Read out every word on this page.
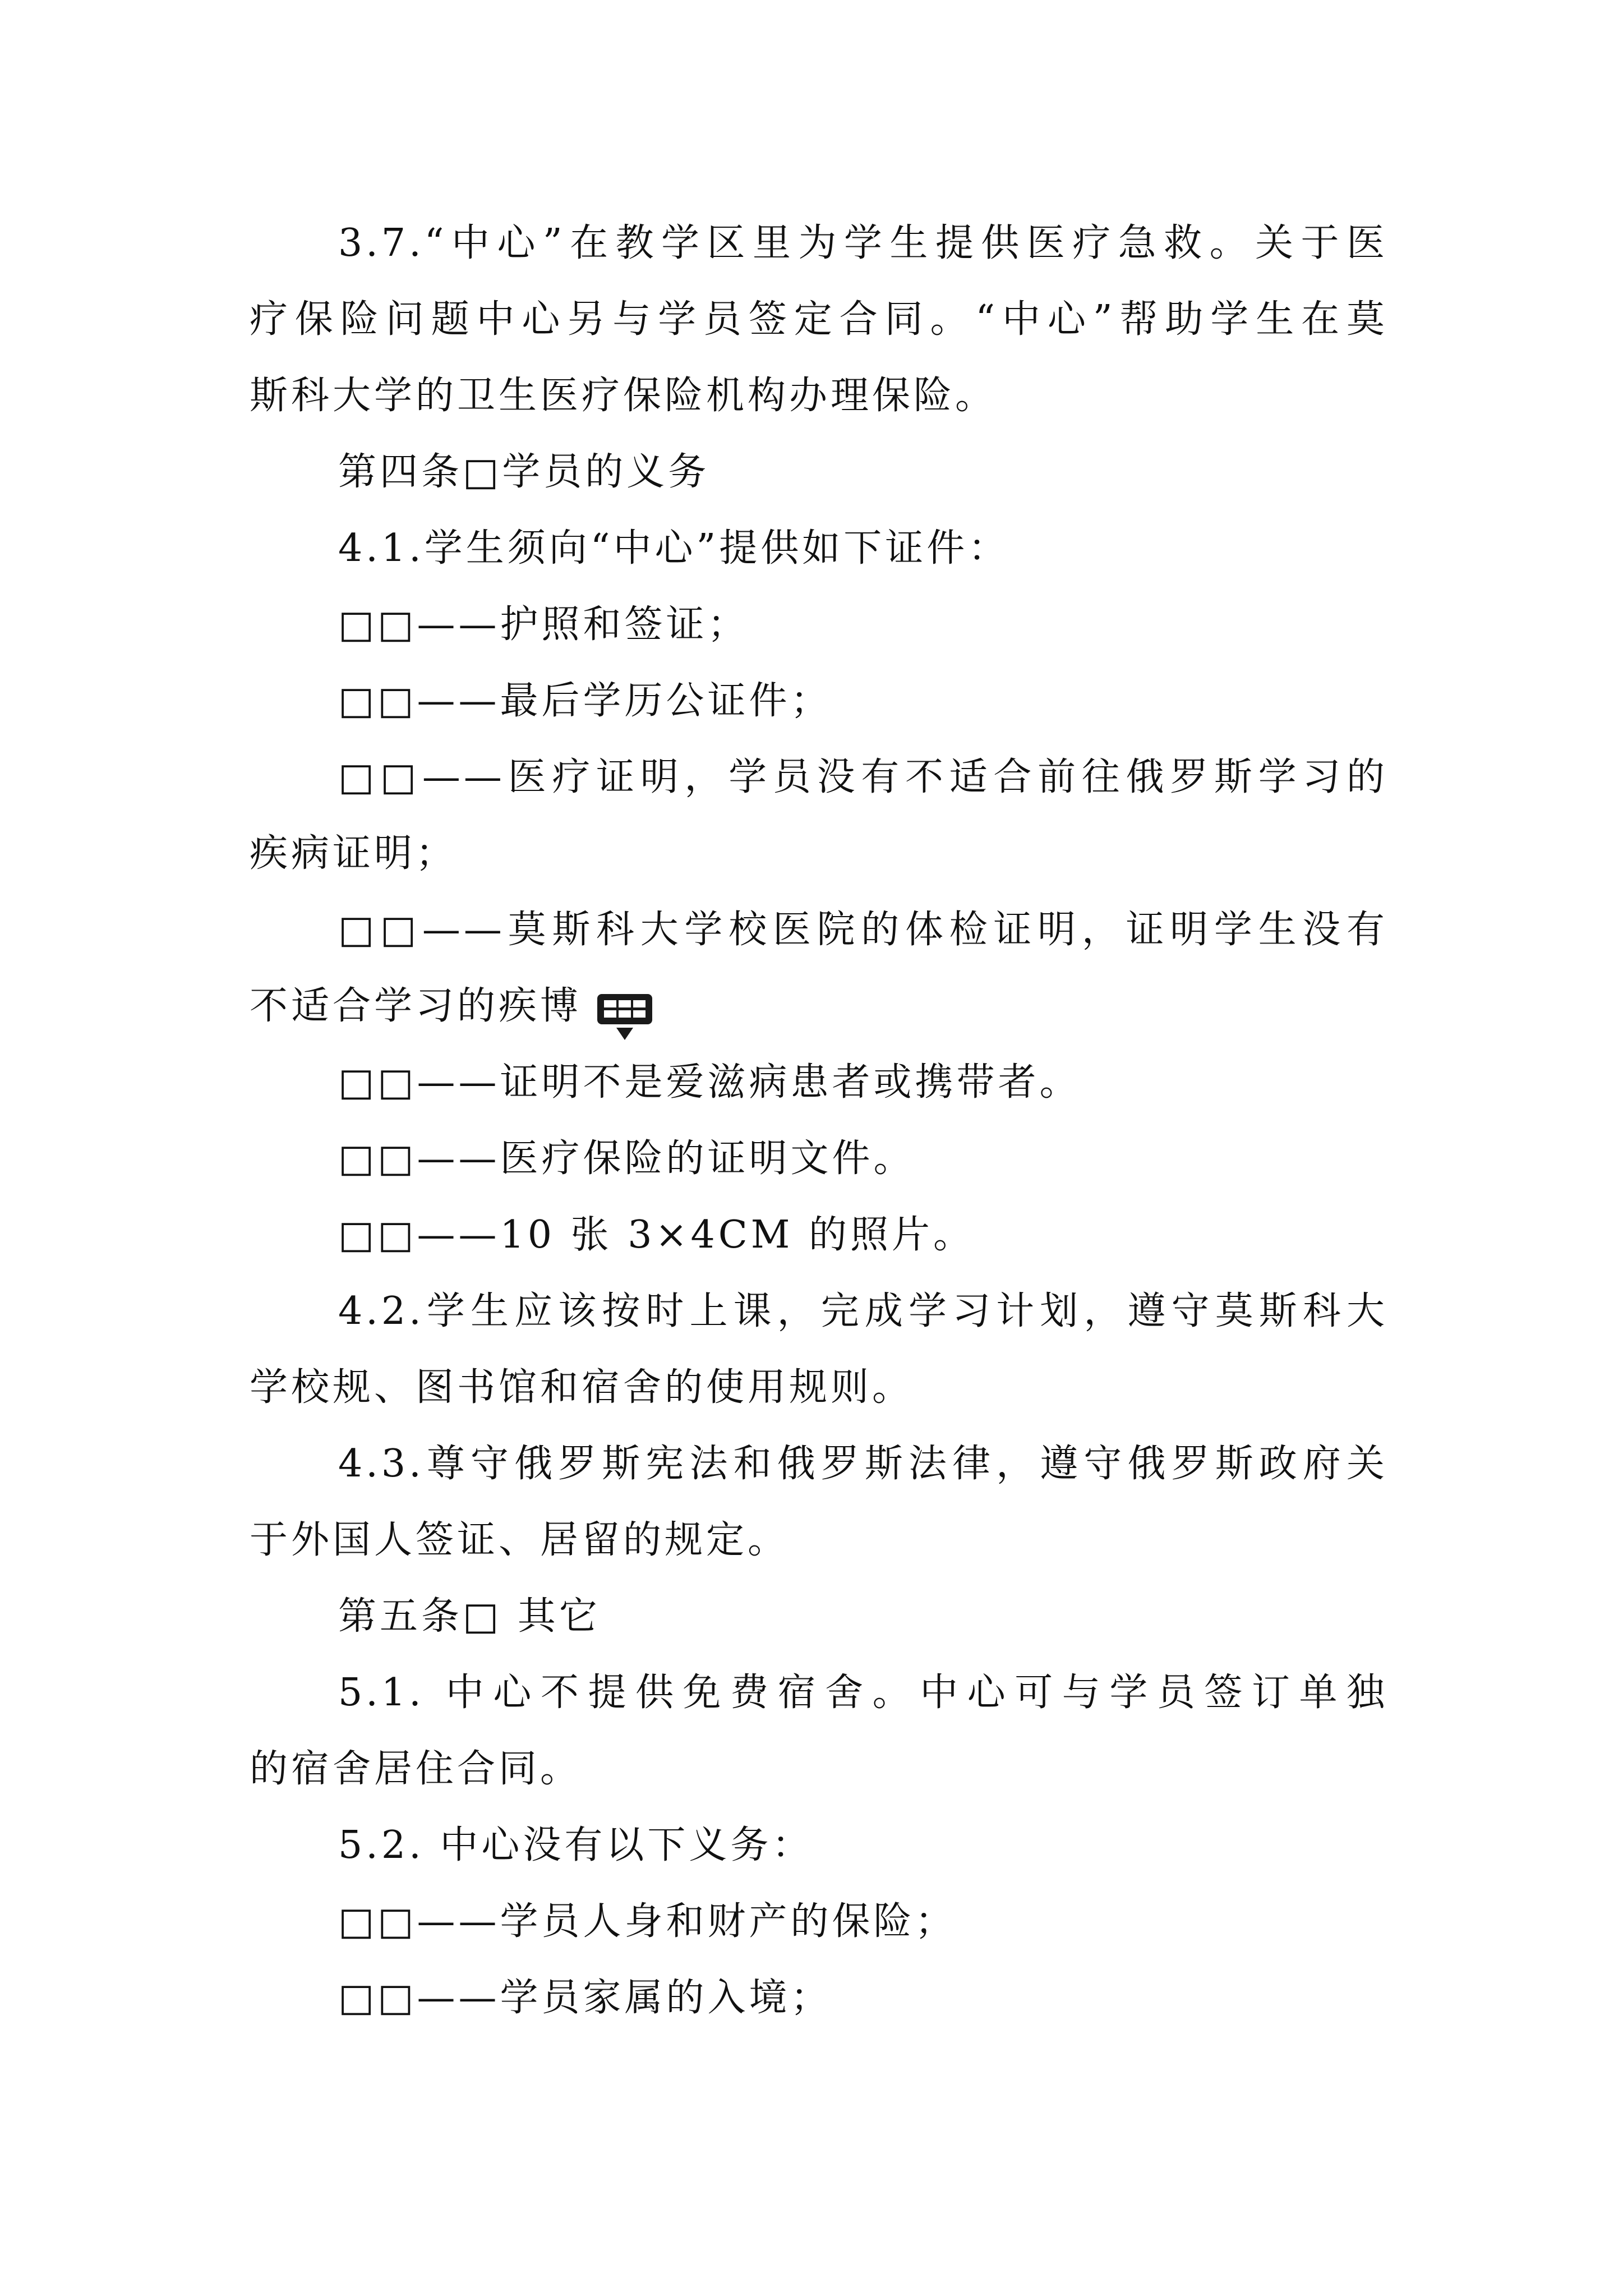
3.7.“中心”在教学区里为学生提供医疗急救。关于医
疗保险问题中心另与学员签定合同。“中心”帮助学生在莫
斯科大学的卫生医疗保险机构办理保险。
第四条□学员的义务
4.1.学生须向“中心”提供如下证件：
□□——护照和签证；
□□——最后学历公证件；
□□——医疗证明，学员没有不适合前往俄罗斯学习的
疾病证明；
□□——莫斯科大学校医院的体检证明，证明学生没有
不适合学习的疾博
□□——证明不是爱滋病患者或携带者。
□□——医疗保险的证明文件。
□□——10 张 3×4CM 的照片。
4.2.学生应该按时上课，完成学习计划，遵守莫斯科大
学校规、图书馆和宿舍的使用规则。
4.3.尊守俄罗斯宪法和俄罗斯法律，遵守俄罗斯政府关
于外国人签证、居留的规定。
第五条□ 其它
5.1. 中心不提供免费宿舍。中心可与学员签订单独
的宿舍居住合同。
5.2. 中心没有以下义务：
□□——学员人身和财产的保险；
□□——学员家属的入境；
